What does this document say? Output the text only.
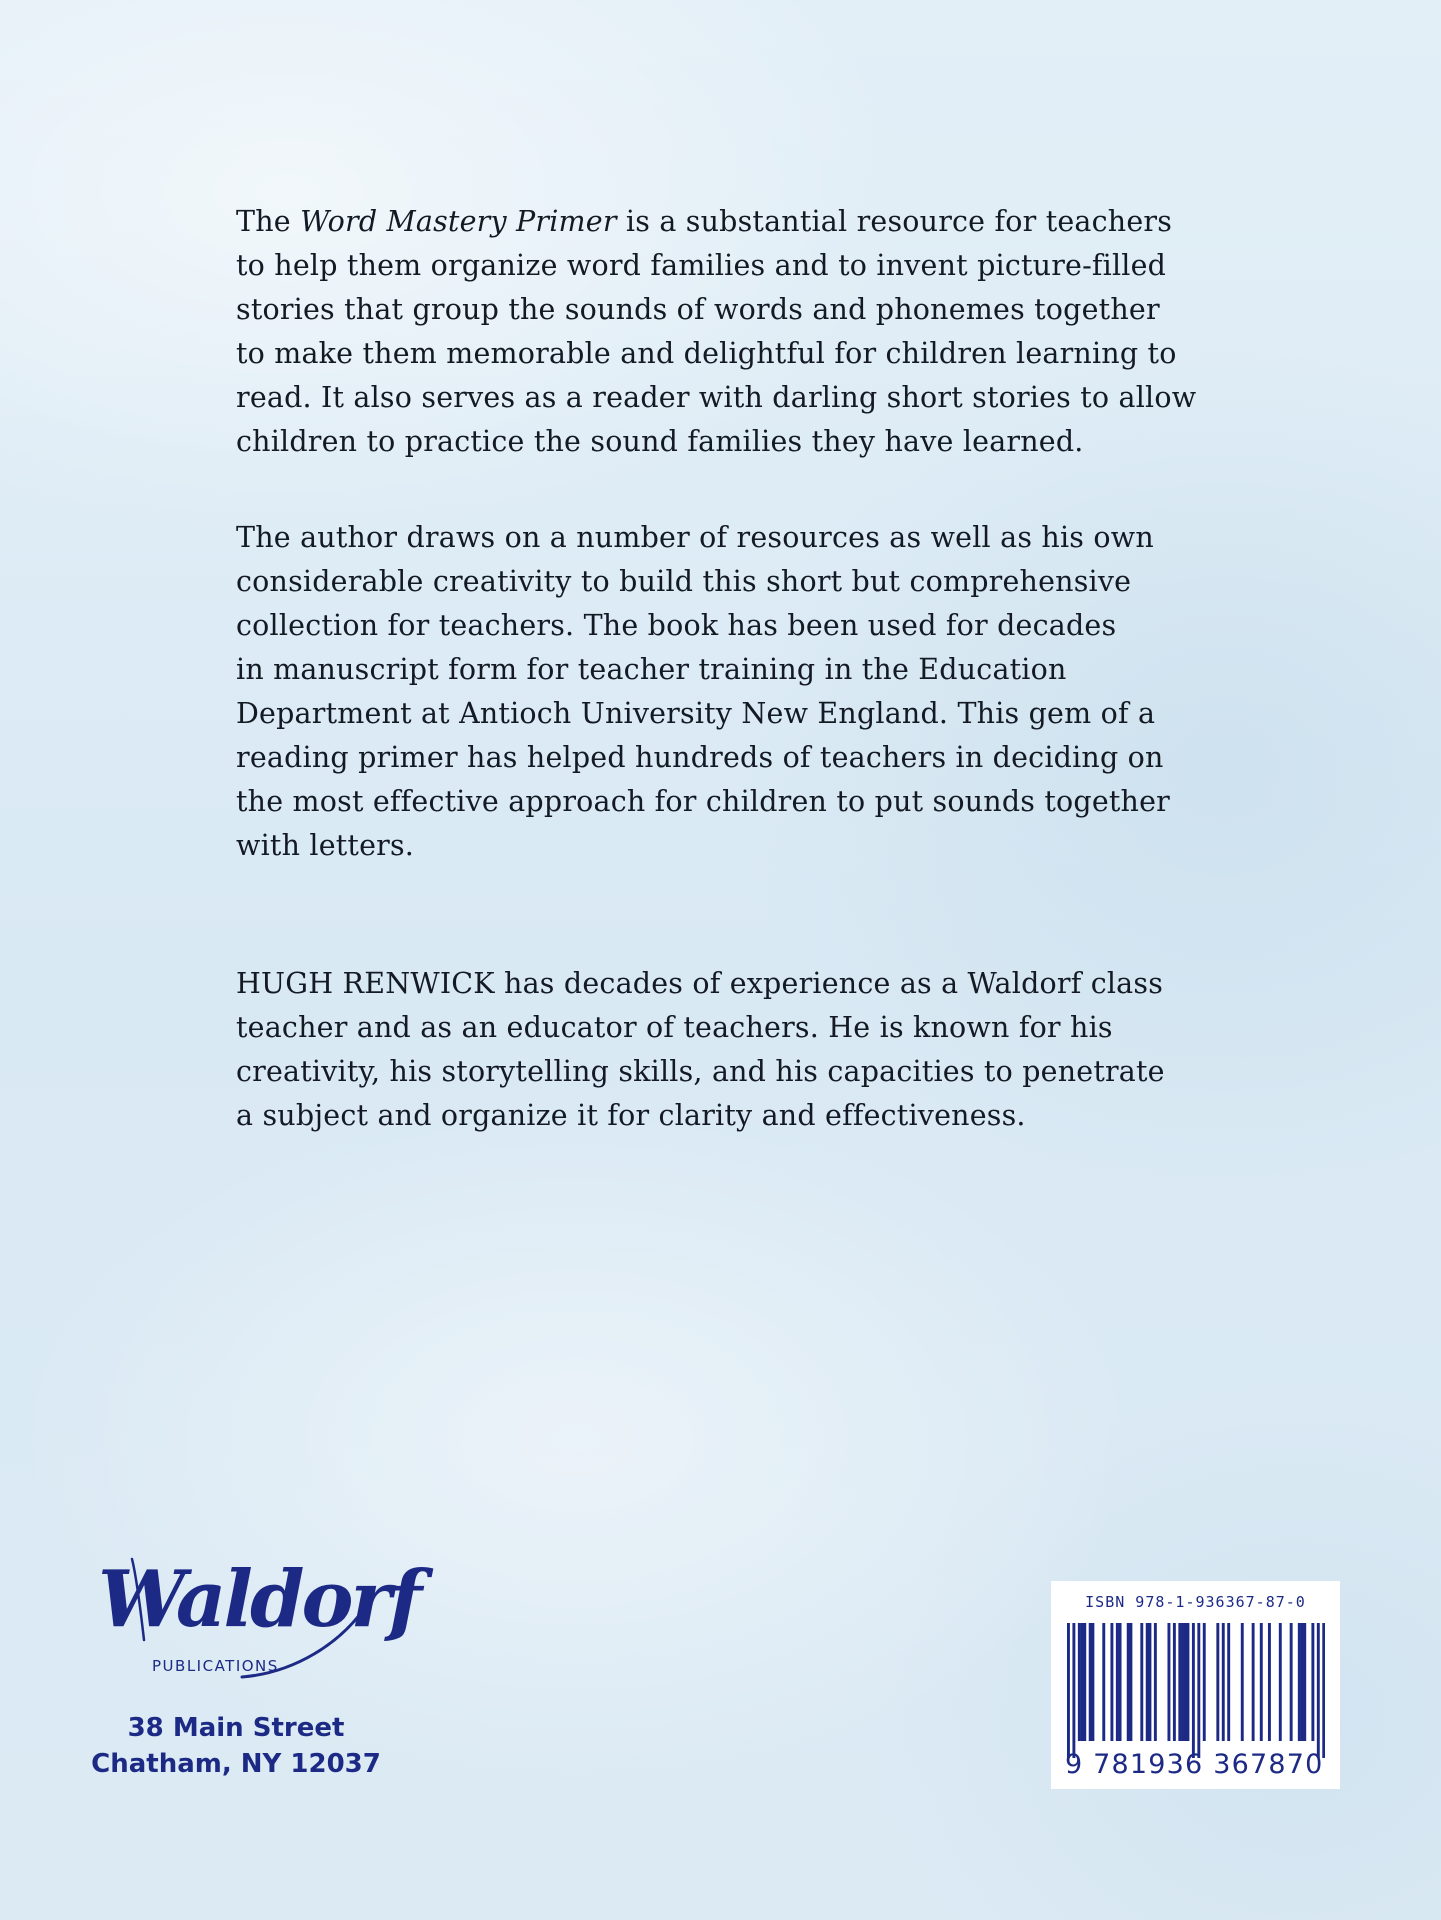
The Word Mastery Primer is a substantial resource for teachers
to help them organize word families and to invent picture-filled
stories that group the sounds of words and phonemes together
to make them memorable and delightful for children learning to
read. It also serves as a reader with darling short stories to allow
children to practice the sound families they have learned.
The author draws on a number of resources as well as his own
considerable creativity to build this short but comprehensive
collection for teachers. The book has been used for decades
in manuscript form for teacher training in the Education
Department at Antioch University New England. This gem of a
reading primer has helped hundreds of teachers in deciding on
the most effective approach for children to put sounds together
with letters.
HUGH RENWICK has decades of experience as a Waldorf class
teacher and as an educator of teachers. He is known for his
creativity, his storytelling skills, and his capacities to penetrate
a subject and organize it for clarity and effectiveness.
Waldorf
PUBLICATIONS
38 Main Street
Chatham, NY 12037
ISBN 978-1-936367-87-0
9 781936 367870
